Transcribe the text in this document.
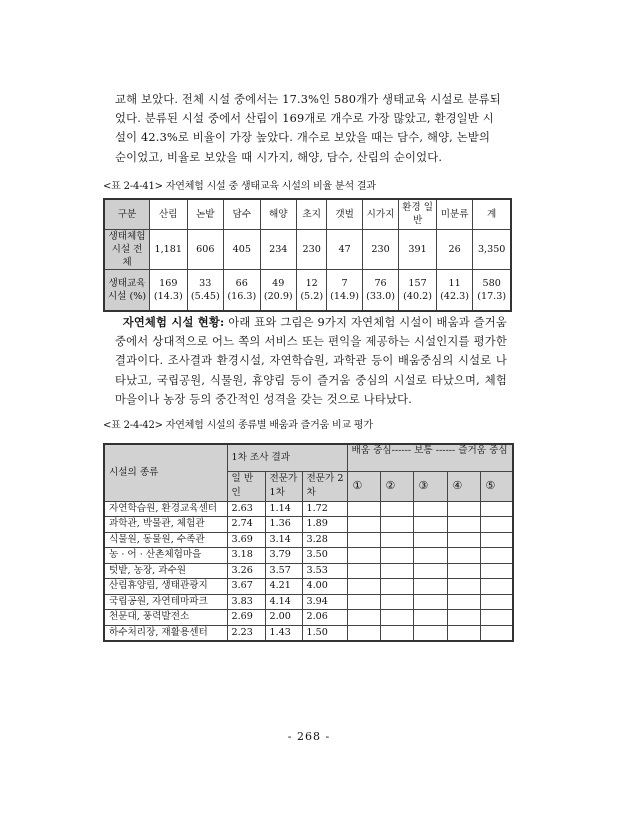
교해 보았다. 전체 시설 중에서는 17.3%인 580개가 생태교육 시설로 분류되

었다. 분류된 시설 중에서 산림이 169개로 개수로 가장 많았고, 환경일반 시

설이 42.3%로 비율이 가장 높았다. 개수로 보았을 때는 담수, 해양, 논밭의

순이었고, 비율로 보았을 때 시가지, 해양, 담수, 산림의 순이었다.

<표 2-4-41> 자연체험 시설 중 생태교육 시설의 비율 분석 결과
구분	산림	논밭	담수	해양	초지	갯벌	시가지	환경 일반	미분류	계
생태체험 시설 전체	1,181	606	405	234	230	47	230	391	26	3,350
생태교육 시설 (%)	169 (14.3)	33 (5.45)	66 (16.3)	49 (20.9)	12 (5.2)	7 (14.9)	76 (33.0)	157 (40.2)	11 (42.3)	580 (17.3)

자연체험 시설 현황: 아래 표와 그림은 9가지 자연체험 시설이 배움과 즐거움 중에서 상대적으로 어느 쪽의 서비스 또는 편익을 제공하는 시설인지를 평가한 결과이다. 조사결과 환경시설, 자연학습원, 과학관 등이 배움중심의 시설로 나타났고, 국립공원, 식물원, 휴양림 등이 즐거움 중심의 시설로 타났으며, 체험마을이나 농장 등의 중간적인 성격을 갖는 것으로 나타났다.

<표 2-4-42> 자연체험 시설의 종류별 배움과 즐거움 비교 평가
시설의 종류	1차 조사 결과			배움 중심------ 보통 ------ 즐거움 중심				
	일 반 인	전문가 1차	전문가 2차	①	②	③	④	⑤
자연학습원, 환경교육센터	2.63	1.14	1.72					
과학관, 박물관, 체험관	2.74	1.36	1.89					
식물원, 동물원, 수족관	3.69	3.14	3.28					
농 · 어 · 산촌체험마을	3.18	3.79	3.50					
텃밭, 농장, 과수원	3.26	3.57	3.53					
산림휴양림, 생태관광지	3.67	4.21	4.00					
국립공원, 자연테마파크	3.83	4.14	3.94					
천문대, 풍력발전소	2.69	2.00	2.06					
하수처리장, 재활용센터	2.23	1.43	1.50					
- 268 -
